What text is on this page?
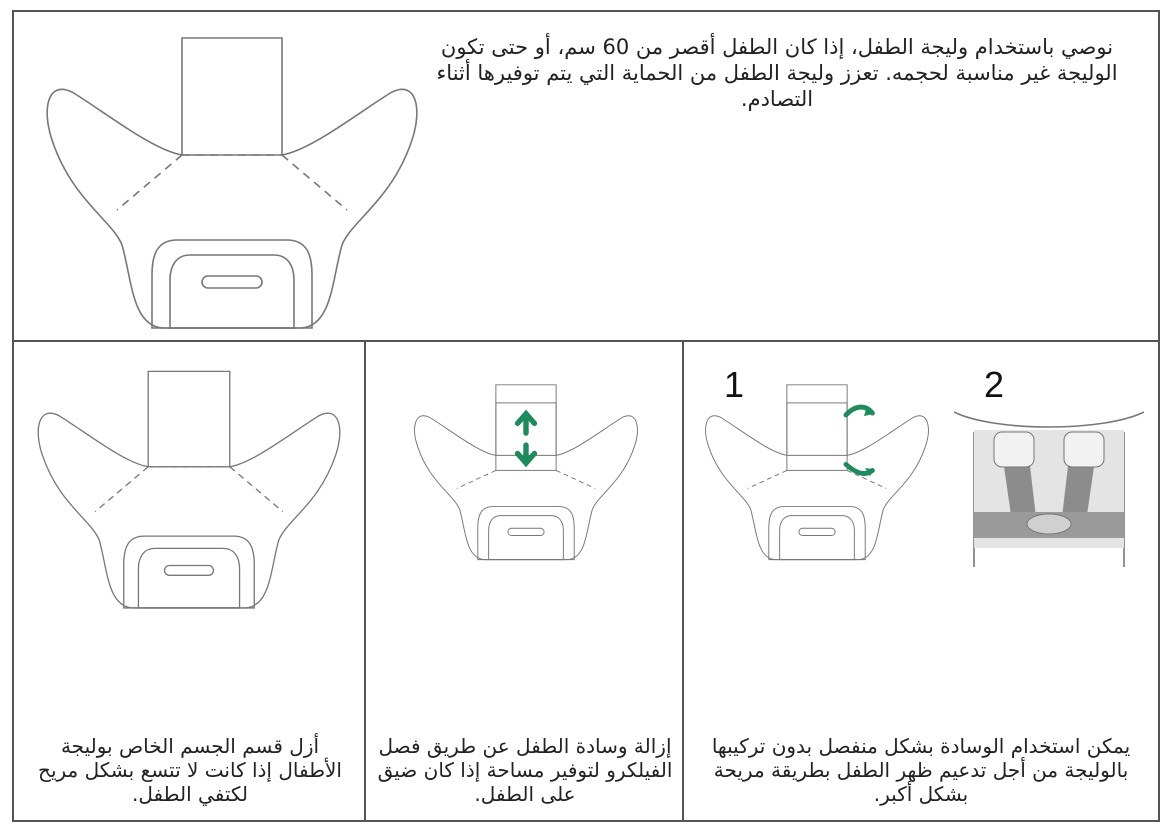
نوصي باستخدام وليجة الطفل، إذا كان الطفل أقصر من 60 سم، أو حتى تكون الوليجة غير مناسبة لحجمه. تعزز وليجة الطفل من الحماية التي يتم توفيرها أثناء التصادم.
أزل قسم الجسم الخاص بوليجة الأطفال إذا كانت لا تتسع بشكل مريح لكتفي الطفل.
إزالة وسادة الطفل عن طريق فصل الفيلكرو لتوفير مساحة إذا كان ضيق على الطفل.
1	2
يمكن استخدام الوسادة بشكل منفصل بدون تركيبها بالوليجة من أجل تدعيم ظهر الطفل بطريقة مريحة بشكل أكبر.
